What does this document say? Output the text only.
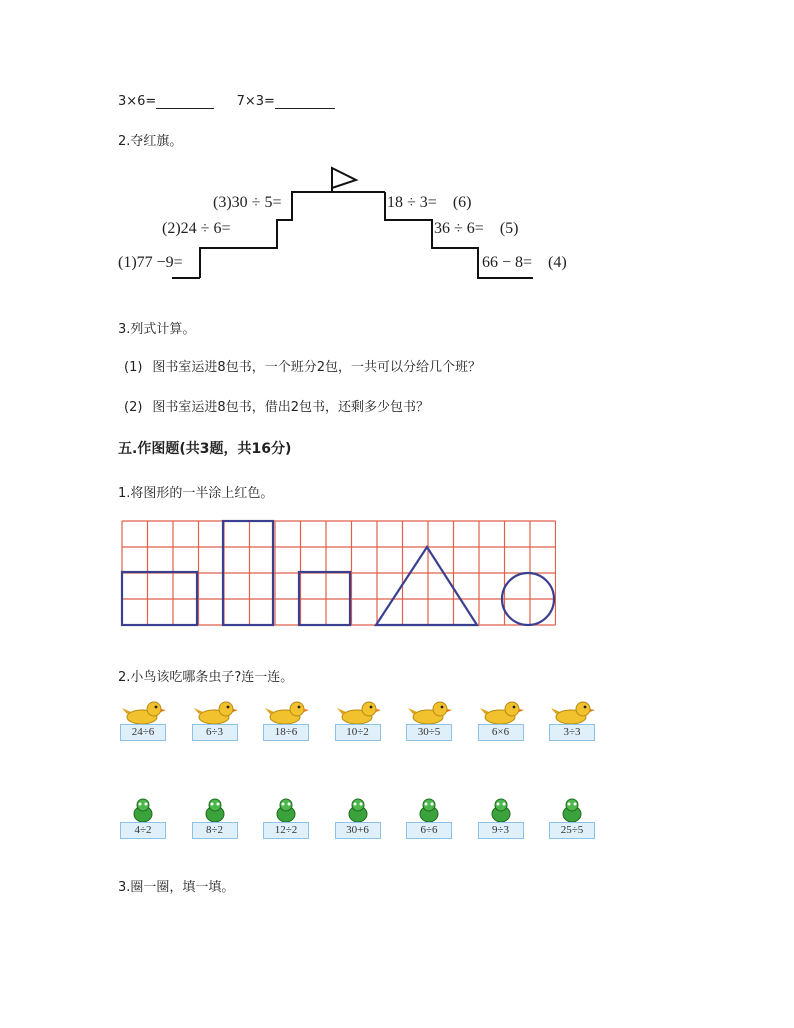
3×6=	7×3=
2.夺红旗。
(1)77 −9=
(2)24 ÷ 6=
(3)30 ÷ 5=	18 ÷ 3= (6)
36 ÷ 6= (5)
66 − 8= (4)
3.列式计算。
(1) 图书室运进8包书，一个班分2包，一共可以分给几个班？
(2) 图书室运进8包书，借出2包书，还剩多少包书？
五.作图题(共3题，共16分)
1.将图形的一半涂上红色。
2.小鸟该吃哪条虫子?连一连。
3.圈一圈，填一填。
24÷6	6÷3	18÷6	10÷2	30÷5	6×6	3÷3
4÷2	8÷2	12÷2	30+6	6÷6	9÷3	25÷5
